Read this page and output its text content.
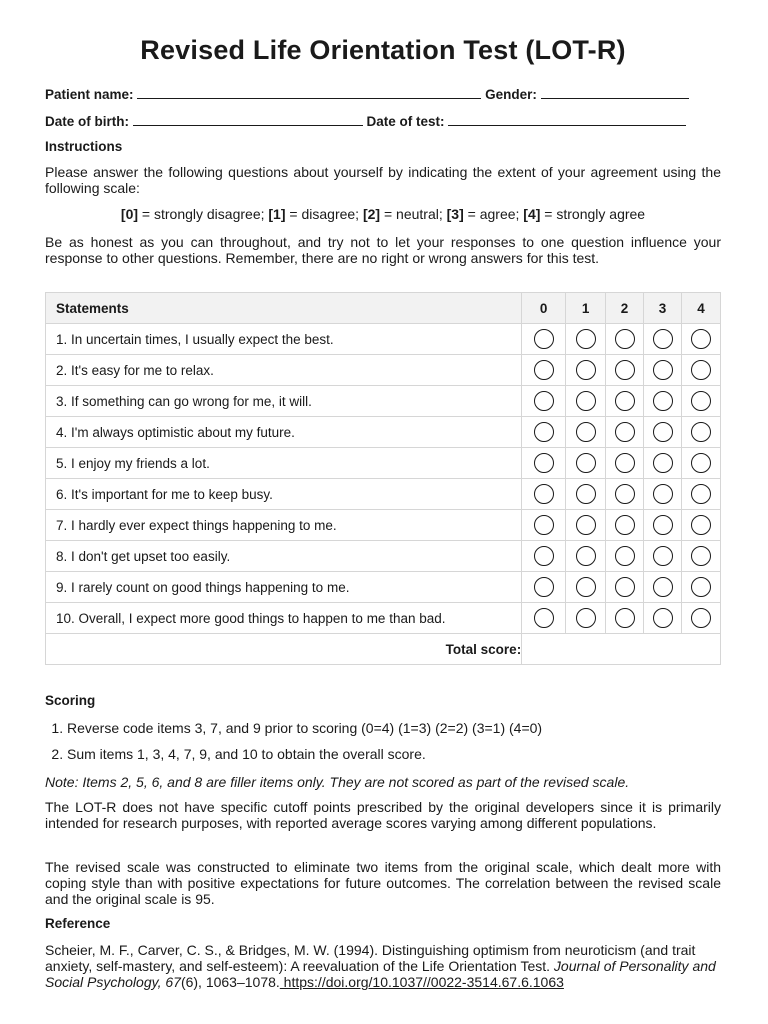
Revised Life Orientation Test (LOT-R)
Patient name:	Gender:
Date of birth:	Date of test:
Instructions
Please answer the following questions about yourself by indicating the extent of your agreement using the following scale:
[0] = strongly disagree; [1] = disagree; [2] = neutral; [3] = agree; [4] = strongly agree
Be as honest as you can throughout, and try not to let your responses to one question influence your response to other questions. Remember, there are no right or wrong answers for this test.
Statements	0	1	2	3	4
1. In uncertain times, I usually expect the best.					
2. It's easy for me to relax.					
3. If something can go wrong for me, it will.					
4. I'm always optimistic about my future.					
5. I enjoy my friends a lot.					
6. It's important for me to keep busy.					
7. I hardly ever expect things happening to me.					
8. I don't get upset too easily.					
9. I rarely count on good things happening to me.					
10. Overall, I expect more good things to happen to me than bad.					
Total score:					
Scoring
1. Reverse code items 3, 7, and 9 prior to scoring (0=4) (1=3) (2=2) (3=1) (4=0)
2. Sum items 1, 3, 4, 7, 9, and 10 to obtain the overall score.
Note: Items 2, 5, 6, and 8 are filler items only. They are not scored as part of the revised scale.
The LOT-R does not have specific cutoff points prescribed by the original developers since it is primarily intended for research purposes, with reported average scores varying among different populations.
The revised scale was constructed to eliminate two items from the original scale, which dealt more with coping style than with positive expectations for future outcomes. The correlation between the revised scale and the original scale is 95.
Reference
Scheier, M. F., Carver, C. S., & Bridges, M. W. (1994). Distinguishing optimism from neuroticism (and trait anxiety, self-mastery, and self-esteem): A reevaluation of the Life Orientation Test. Journal of Personality and Social Psychology, 67(6), 1063–1078. https://doi.org/10.1037//0022-3514.67.6.1063
